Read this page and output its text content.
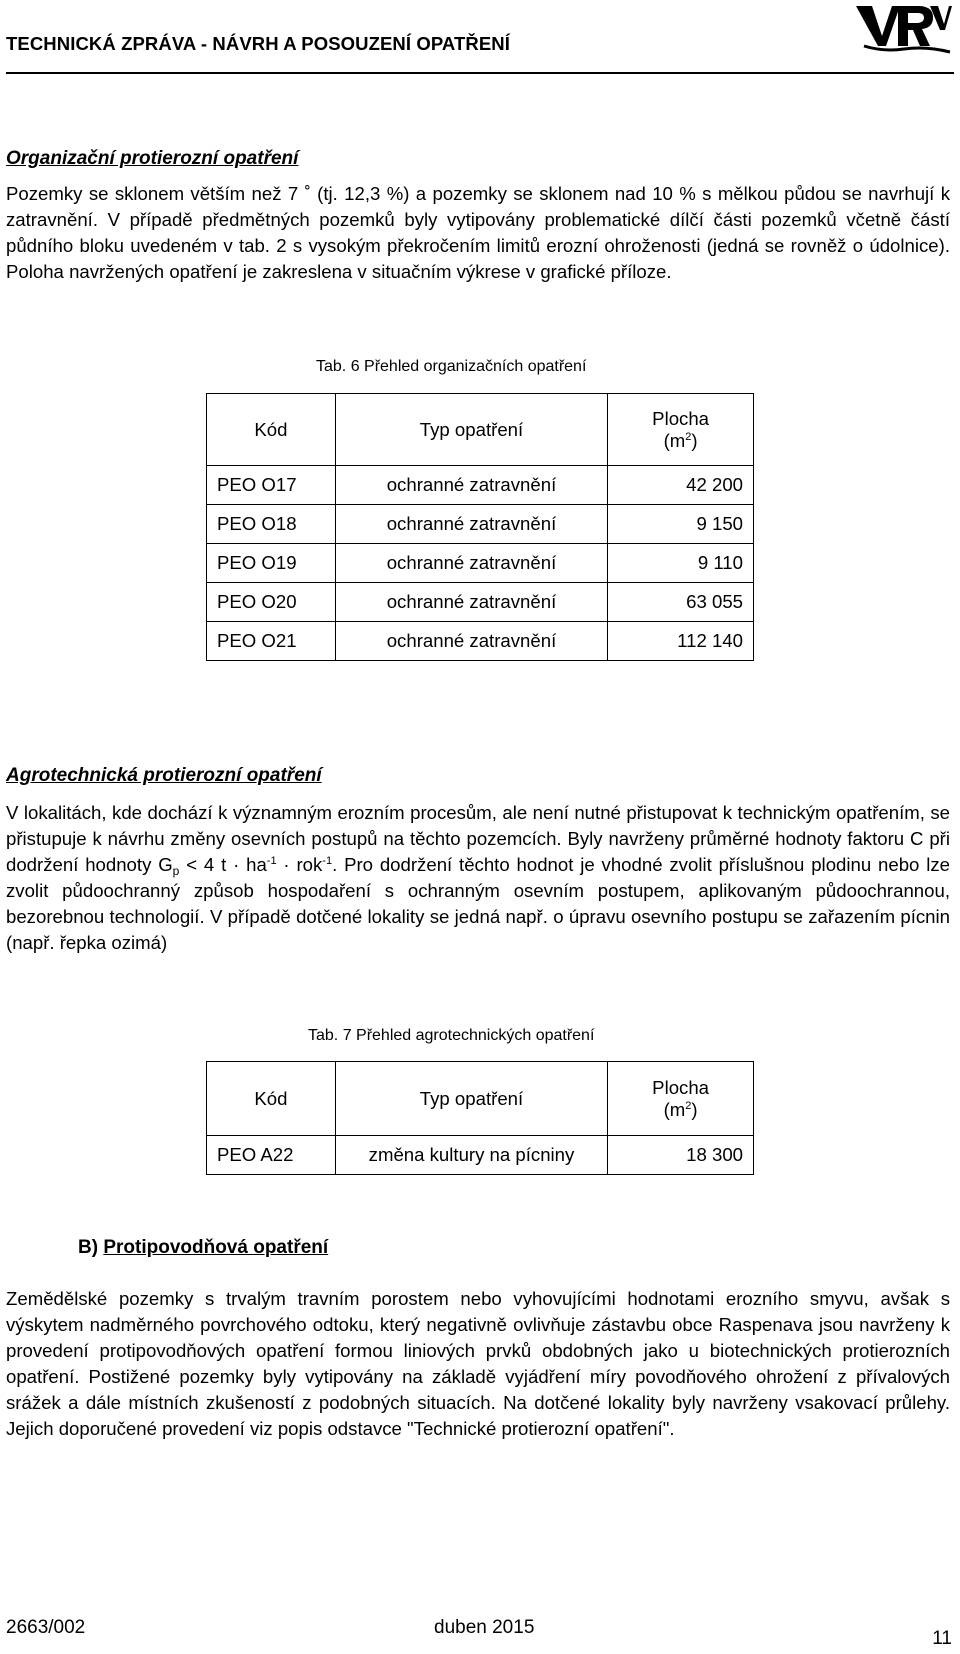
TECHNICKÁ ZPRÁVA - NÁVRH A POSOUZENÍ OPATŘENÍ
Organizační protierozní opatření

Pozemky se sklonem větším než 7 ˚ (tj. 12,3 %) a pozemky se sklonem nad 10 % s mělkou půdou se navrhují k zatravnění. V případě předmětných pozemků byly vytipovány problematické dílčí části pozemků včetně částí půdního bloku uvedeném v tab. 2 s vysokým překročením limitů erozní ohroženosti (jedná se rovněž o údolnice). Poloha navržených opatření je zakreslena v situačním výkrese v grafické příloze.

Tab. 6 Přehled organizačních opatření
Kód	Typ opatření	Plocha
$(m^2)$
PEO O17	ochranné zatravnění	42 200
PEO O18	ochranné zatravnění	9 150
PEO O19	ochranné zatravnění	9 110
PEO O20	ochranné zatravnění	63 055
PEO O21	ochranné zatravnění	112 140
Agrotechnická protierozní opatření

V lokalitách, kde dochází k významným erozním procesům, ale není nutné přistupovat k technickým opatřením, se přistupuje k návrhu změny osevních postupů na těchto pozemcích. Byly navrženy průměrné hodnoty faktoru C při dodržení hodnoty $G_p < 4$ $t \cdot ha^{-1} \cdot rok^{-1}$. Pro dodržení těchto hodnot je vhodné zvolit příslušnou plodinu nebo lze zvolit půdoochranný způsob hospodaření s ochranným osevním postupem, aplikovaným půdoochrannou, bezorebnou technologií. V případě dotčené lokality se jedná např. o úpravu osevního postupu se zařazením pícnin (např. řepka ozimá)

Tab. 7 Přehled agrotechnických opatření
Kód	Typ opatření	Plocha
$(m^2)$
PEO A22	změna kultury na pícniny	18 300
B) Protipovodňová opatření

Zemědělské pozemky s trvalým travním porostem nebo vyhovujícími hodnotami erozního smyvu, avšak s výskytem nadměrného povrchového odtoku, který negativně ovlivňuje zástavbu obce Raspenava jsou navrženy k provedení protipovodňových opatření formou liniových prvků obdobných jako u biotechnických protierozních opatření. Postižené pozemky byly vytipovány na základě vyjádření míry povodňového ohrožení z přívalových srážek a dále místních zkušeností z podobných situacích. Na dotčené lokality byly navrženy vsakovací průlehy. Jejich doporučené provedení viz popis odstavce "Technické protierozní opatření".

2663/002	duben 2015
11
